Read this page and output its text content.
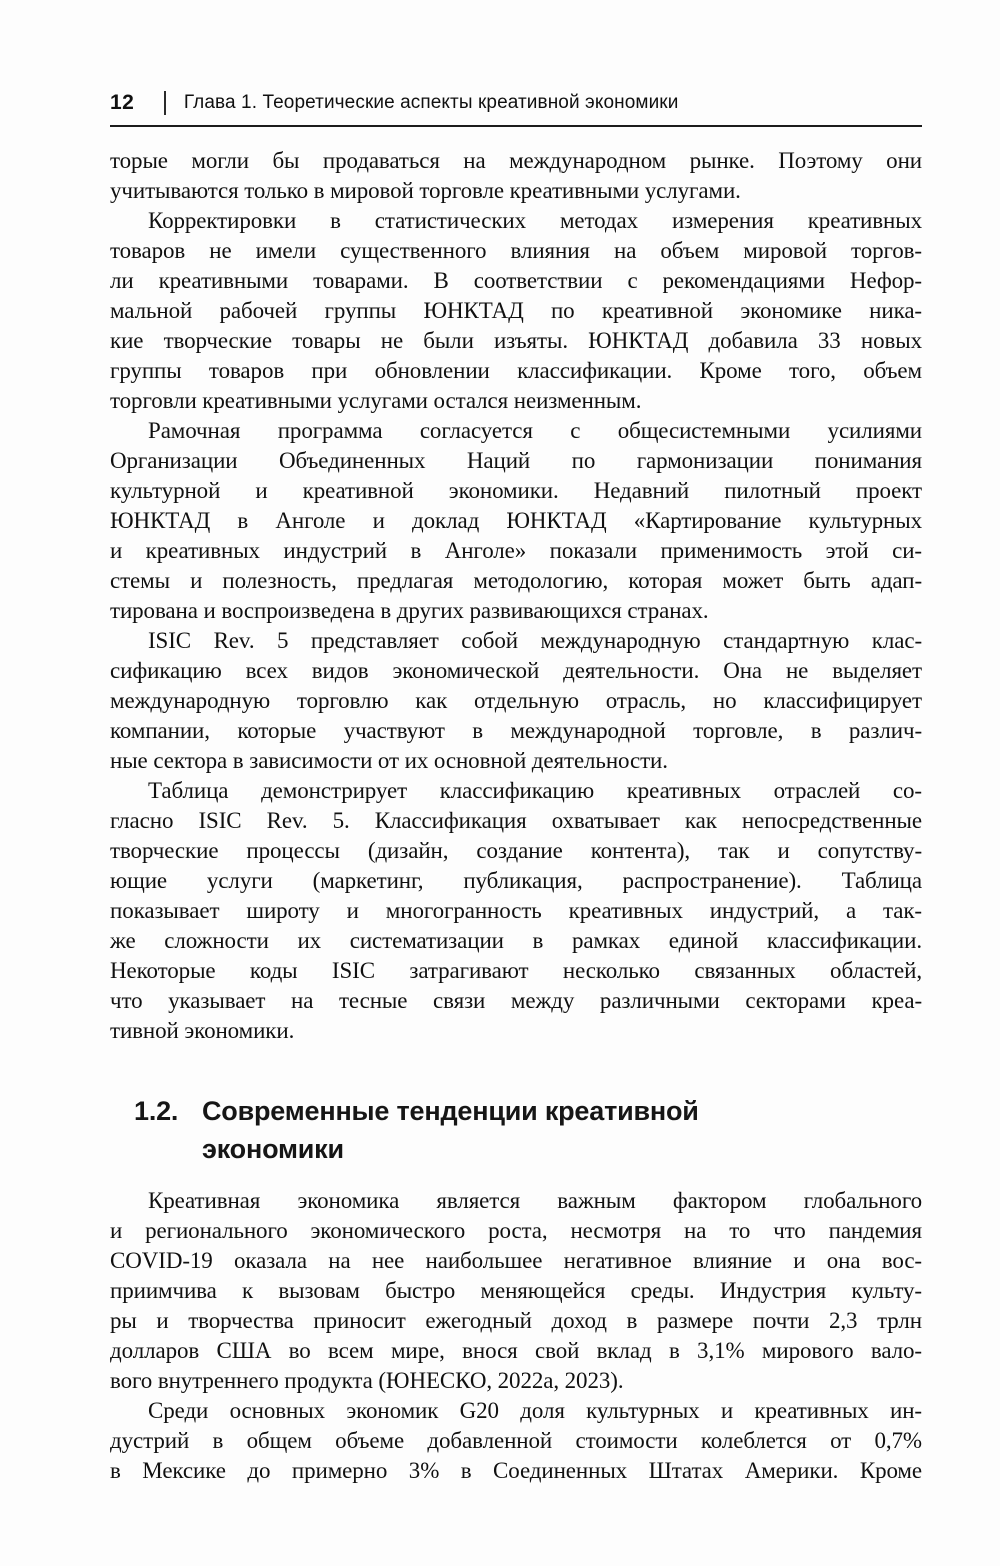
12	Глава 1. Теоретические аспекты креативной экономики
торые могли бы продаваться на международном рынке. Поэтому они
учитываются только в мировой торговле креативными услугами.
Корректировки в статистических методах измерения креативных
товаров не имели существенного влияния на объем мировой торгов-
ли креативными товарами. В соответствии с рекомендациями Нефор-
мальной рабочей группы ЮНКТАД по креативной экономике ника-
кие творческие товары не были изъяты. ЮНКТАД добавила 33 новых
группы товаров при обновлении классификации. Кроме того, объем
торговли креативными услугами остался неизменным.
Рамочная программа согласуется с общесистемными усилиями
Организации Объединенных Наций по гармонизации понимания
культурной и креативной экономики. Недавний пилотный проект
ЮНКТАД в Анголе и доклад ЮНКТАД «Картирование культурных
и креативных индустрий в Анголе» показали применимость этой си-
стемы и полезность, предлагая методологию, которая может быть адап-
тирована и воспроизведена в других развивающихся странах.
ISIC Rev. 5 представляет собой международную стандартную клас-
сификацию всех видов экономической деятельности. Она не выделяет
международную торговлю как отдельную отрасль, но классифицирует
компании, которые участвуют в международной торговле, в различ-
ные сектора в зависимости от их основной деятельности.
Таблица демонстрирует классификацию креативных отраслей со-
гласно ISIC Rev. 5. Классификация охватывает как непосредственные
творческие процессы (дизайн, создание контента), так и сопутству-
ющие услуги (маркетинг, публикация, распространение). Таблица
показывает широту и многогранность креативных индустрий, а так-
же сложности их систематизации в рамках единой классификации.
Некоторые коды ISIC затрагивают несколько связанных областей,
что указывает на тесные связи между различными секторами креа-
тивной экономики.
1.2. Современные тенденции креативной
экономики
Креативная экономика является важным фактором глобального
и регионального экономического роста, несмотря на то что пандемия
COVID-19 оказала на нее наибольшее негативное влияние и она вос-
приимчива к вызовам быстро меняющейся среды. Индустрия культу-
ры и творчества приносит ежегодный доход в размере почти 2,3 трлн
долларов США во всем мире, внося свой вклад в 3,1% мирового вало-
вого внутреннего продукта (ЮНЕСКО, 2022а, 2023).
Среди основных экономик G20 доля культурных и креативных ин-
дустрий в общем объеме добавленной стоимости колеблется от 0,7%
в Мексике до примерно 3% в Соединенных Штатах Америки. Кроме
